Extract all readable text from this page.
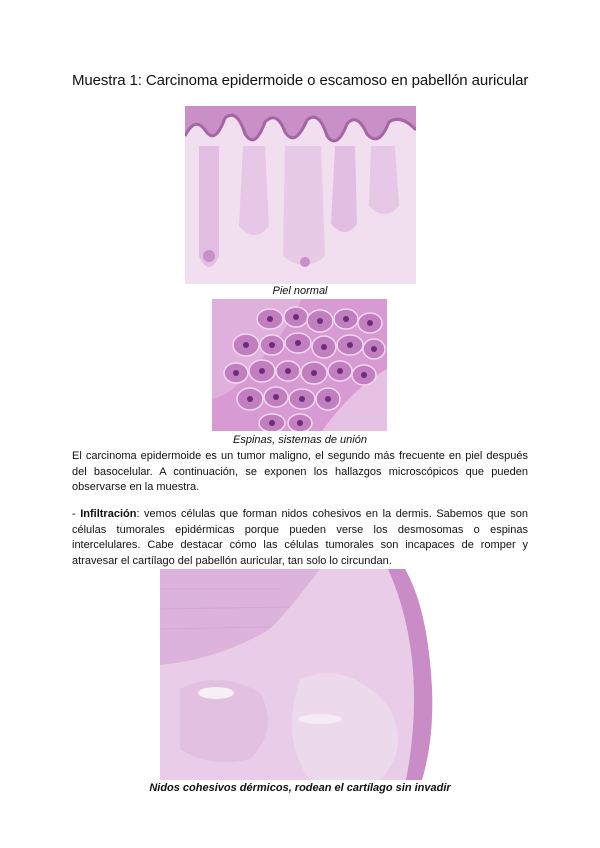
Muestra 1: Carcinoma epidermoide o escamoso en pabellón auricular
Piel normal
Espinas, sistemas de unión
El carcinoma epidermoide es un tumor maligno, el segundo más frecuente en piel después del basocelular. A continuación, se exponen los hallazgos microscópicos que pueden observarse en la muestra.
- Infiltración: vemos células que forman nidos cohesivos en la dermis. Sabemos que son células tumorales epidérmicas porque pueden verse los desmosomas o espinas intercelulares. Cabe destacar cómo las células tumorales son incapaces de romper y atravesar el cartílago del pabellón auricular, tan solo lo circundan.
Nidos cohesivos dérmicos, rodean el cartílago sin invadir
